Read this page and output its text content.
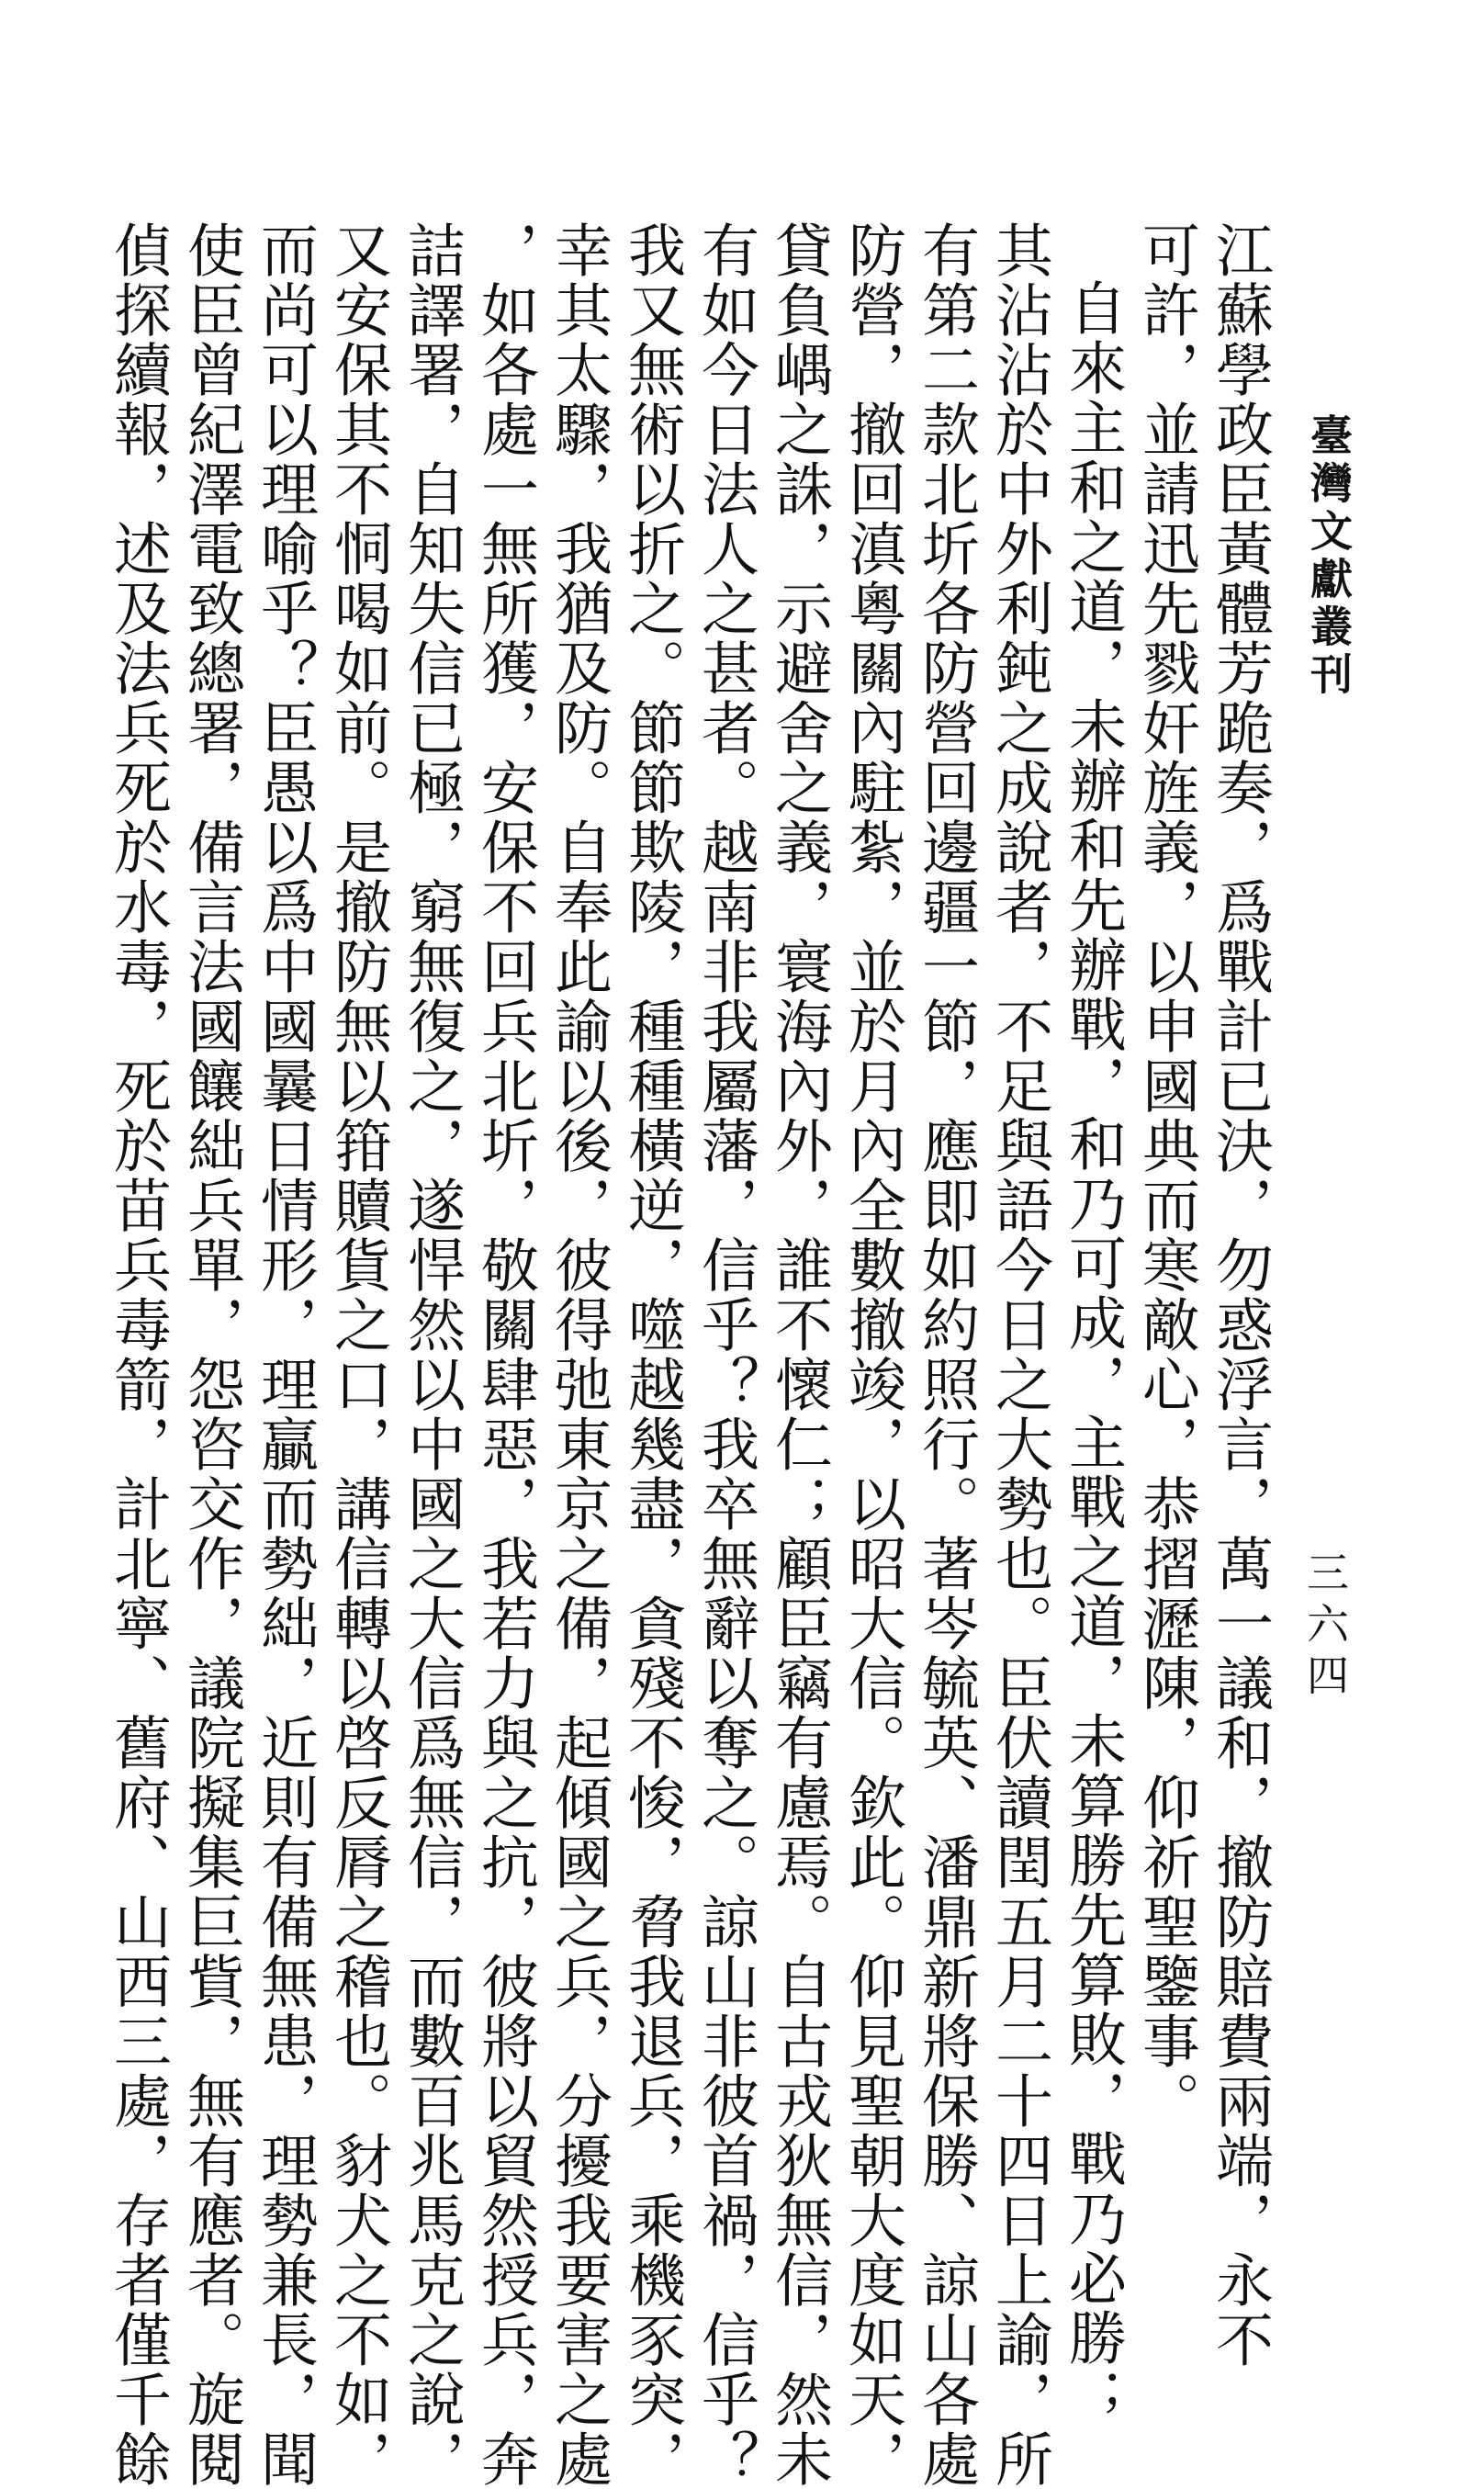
臺灣文獻叢刊
三六四
江蘇學政臣黃體芳跪奏，爲戰計已決，勿惑浮言，萬一議和，撤防賠費兩端，永不
可許，並請迅先戮奸旌義，以申國典而寒敵心，恭摺瀝陳，仰祈聖鑒事。
自來主和之道，未辦和先辦戰，和乃可成，主戰之道，未算勝先算敗，戰乃必勝；
其沾沾於中外利鈍之成說者，不足與語今日之大勢也。臣伏讀閏五月二十四日上諭，所
有第二款北圻各防營回邊疆一節，應即如約照行。著岑毓英、潘鼎新將保勝、諒山各處
防營，撤回滇粵關內駐紮，並於月內全數撤竣，以昭大信。欽此。仰見聖朝大度如天，
貸負嵎之誅，示避舍之義，寰海內外，誰不懷仁；顧臣竊有慮焉。自古戎狄無信，然未
有如今日法人之甚者。越南非我屬藩，信乎？我卒無辭以奪之。諒山非彼首禍，信乎？
我又無術以折之。節節欺陵，種種橫逆，噬越幾盡，貪殘不悛，脅我退兵，乘機豕突，
幸其太驟，我猶及防。自奉此諭以後，彼得弛東京之備，起傾國之兵，分擾我要害之處
，如各處一無所獲，安保不回兵北圻，敬關肆惡，我若力與之抗，彼將以貿然授兵，奔
詰譯署，自知失信已極，窮無復之，遂悍然以中國之大信爲無信，而數百兆馬克之說，
又安保其不恫喝如前。是撤防無以箝贖貨之口，講信轉以啓反脣之稽也。豺犬之不如，
而尚可以理喻乎？臣愚以爲中國曩日情形，理贏而勢絀，近則有備無患，理勢兼長，聞
使臣曾紀澤電致總署，備言法國饟絀兵單，怨咨交作，議院擬集巨貲，無有應者。旋閱
偵探續報，述及法兵死於水毒，死於苗兵毒箭，計北寧、舊府、山西三處，存者僅千餘
